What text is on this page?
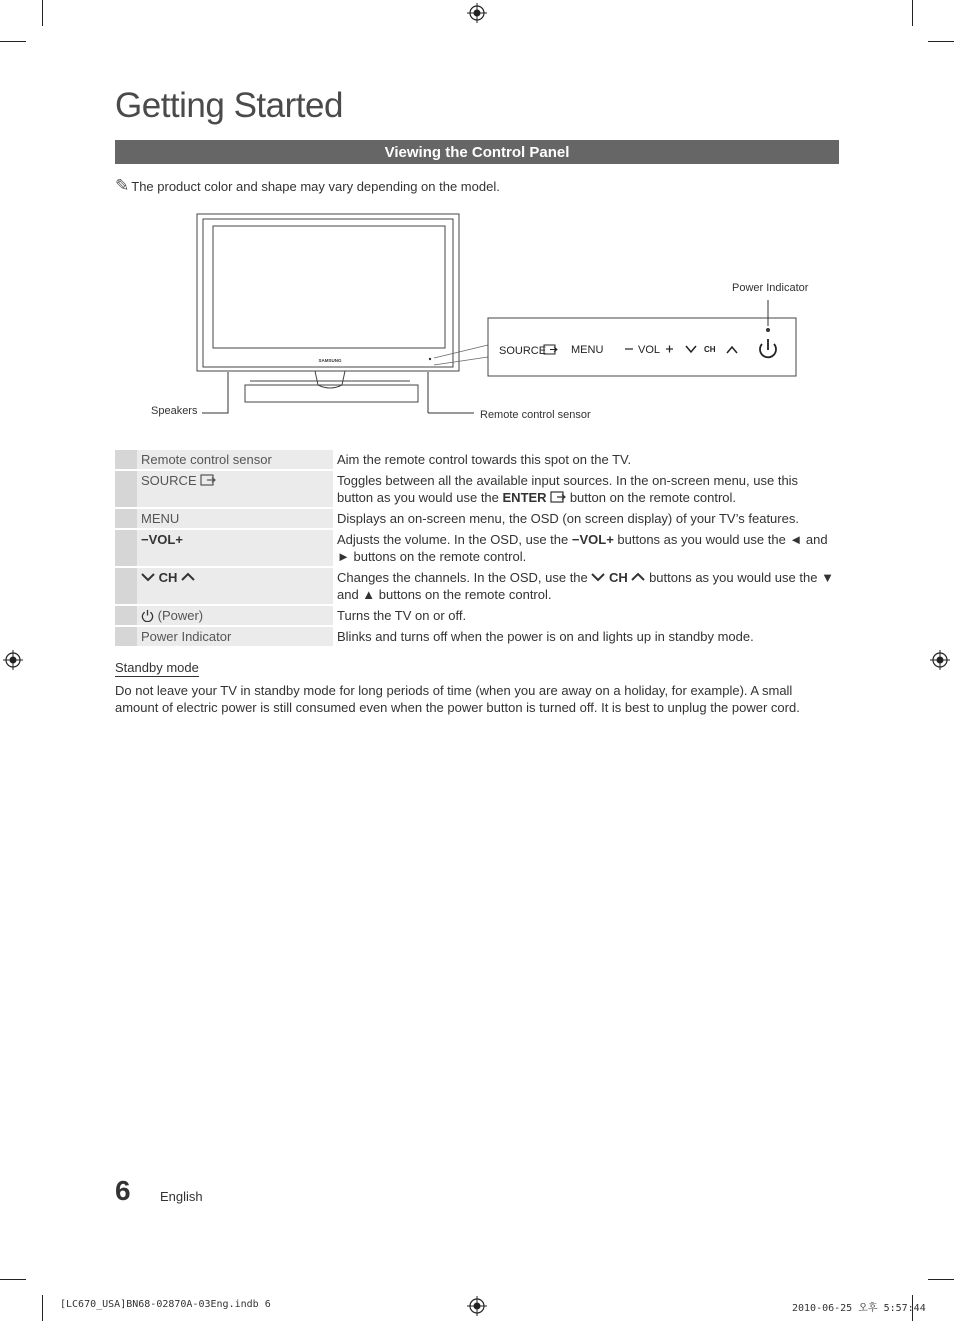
Getting Started
Viewing the Control Panel
✎ The product color and shape may vary depending on the model.
SAMSUNG
SOURCE MENU	VOL	CH
Power Indicator
Speakers	Remote control sensor
	Remote control sensor	Aim the remote control towards this spot on the TV.
	SOURCE	Toggles between all the available input sources. In the on-screen menu, use this button as you would use the ENTER button on the remote control.
	MENU	Displays an on-screen menu, the OSD (on screen display) of your TV’s features.
	−VOL+	Adjusts the volume. In the OSD, use the −VOL+ buttons as you would use the ◄ and ► buttons on the remote control.
	CH	Changes the channels. In the OSD, use the CH buttons as you would use the ▼ and ▲ buttons on the remote control.
	(Power)	Turns the TV on or off.
	Power Indicator	Blinks and turns off when the power is on and lights up in standby mode.
Standby mode
Do not leave your TV in standby mode for long periods of time (when you are away on a holiday, for example). A small amount of electric power is still consumed even when the power button is turned off. It is best to unplug the power cord.
6 English
[LC670_USA]BN68-02870A-03Eng.indb 6	2010-06-25 오후 5:57:44
